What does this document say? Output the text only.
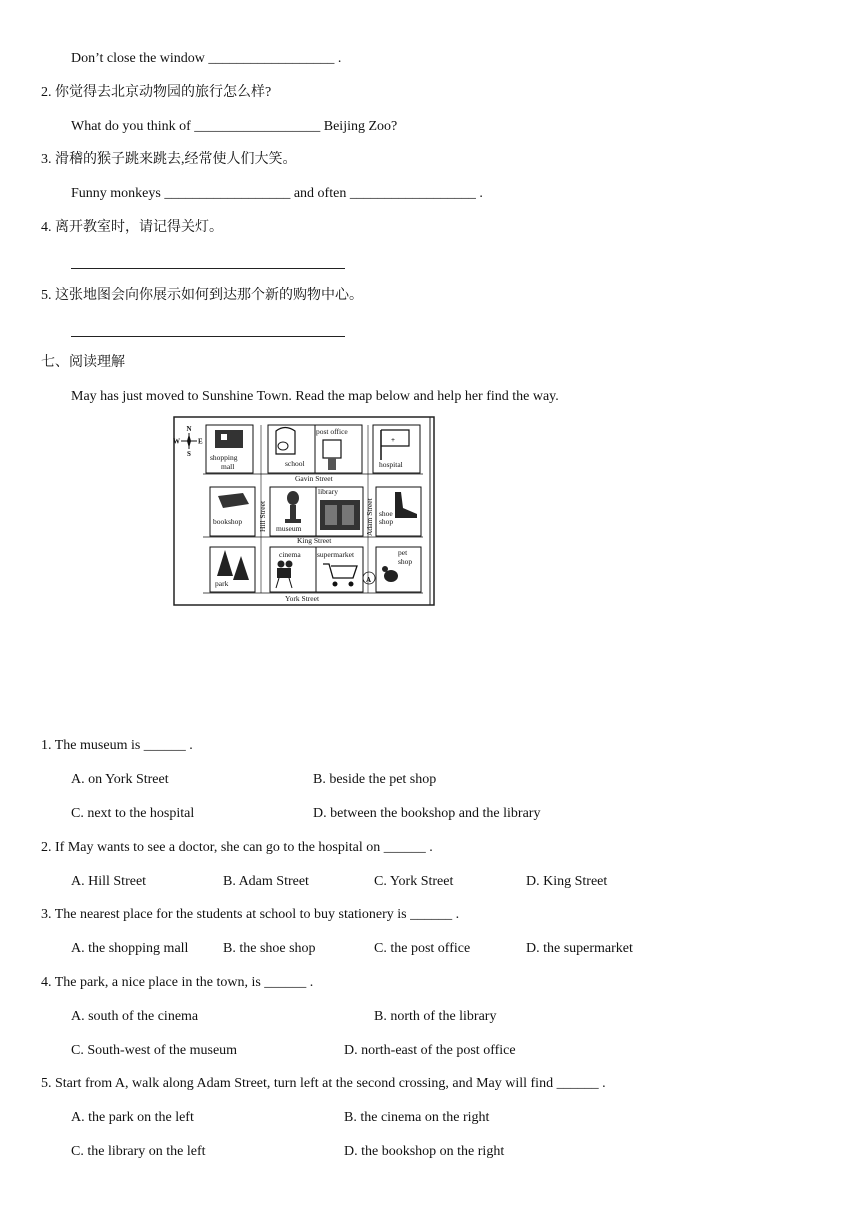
Don’t close the window __________________ .
2. 你觉得去北京动物园的旅行怎么样?
What do you think of __________________ Beijing Zoo?
3. 滑稽的猴子跳来跳去,经常使人们大笑。
Funny monkeys __________________ and often __________________ .
4. 离开教室时，请记得关灯。
5. 这张地图会向你展示如何到达那个新的购物中心。
七、阅读理解
May has just moved to Sunshine Town. Read the map below and help her find the way.
N
S
W	E
shopping
mall	school
post office
+
hospital
Gavin Street
bookshop Hill Street museum
library
Adam Street shoe
shop
King Street
park
cinema supermarket
A
pet
shop
York Street
1. The museum is ______ .
A. on York Street	B. beside the pet shop
C. next to the hospital	D. between the bookshop and the library
2. If May wants to see a doctor, she can go to the hospital on ______ .
A. Hill Street	B. Adam Street	C. York Street	D. King Street
3. The nearest place for the students at school to buy stationery is ______ .
A. the shopping mall B. the shoe shop	C. the post office	D. the supermarket
4. The park, a nice place in the town, is ______ .
A. south of the cinema	B. north of the library
C. South-west of the museum	D. north-east of the post office
5. Start from A, walk along Adam Street, turn left at the second crossing, and May will find ______ .
A. the park on the left	B. the cinema on the right
C. the library on the left	D. the bookshop on the right
